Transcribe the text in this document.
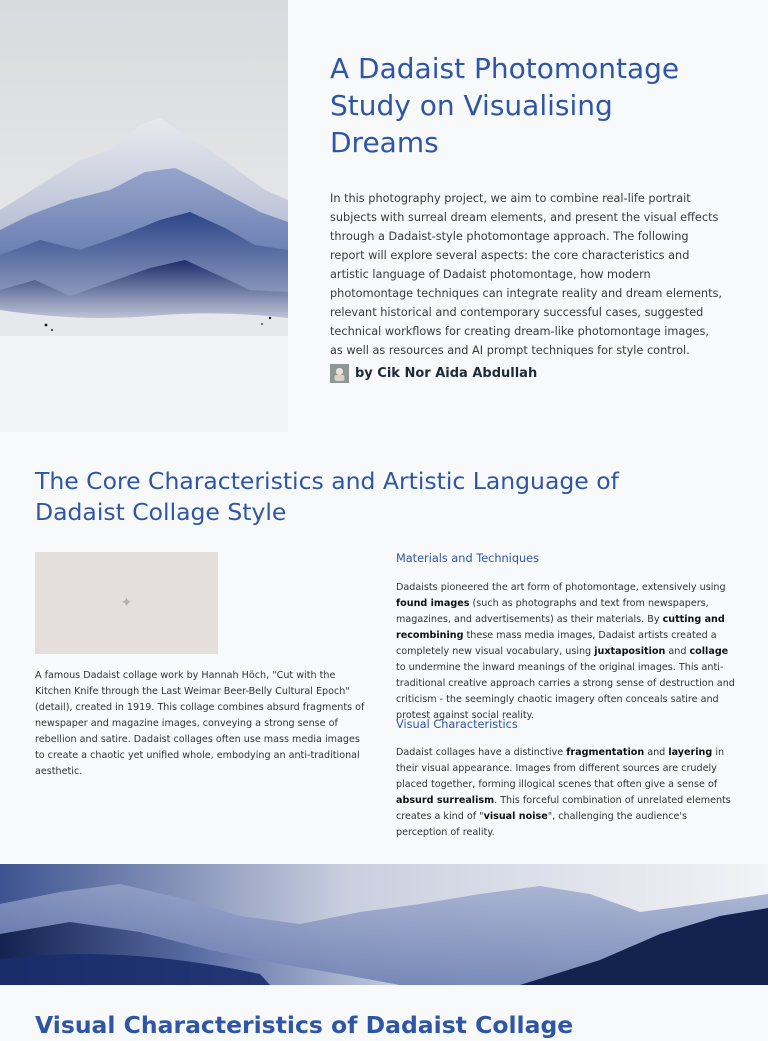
A Dadaist Photomontage Study on Visualising Dreams

In this photography project, we aim to combine real-life portrait subjects with surreal dream elements, and present the visual effects through a Dadaist-style photomontage approach. The following report will explore several aspects: the core characteristics and artistic language of Dadaist photomontage, how modern photomontage techniques can integrate reality and dream elements, relevant historical and contemporary successful cases, suggested technical workflows for creating dream-like photomontage images, as well as resources and AI prompt techniques for style control.

by Cik Nor Aida Abdullah
The Core Characteristics and Artistic Language of Dadaist Collage Style
✦

A famous Dadaist collage work by Hannah Höch, "Cut with the Kitchen Knife through the Last Weimar Beer-Belly Cultural Epoch" (detail), created in 1919. This collage combines absurd fragments of newspaper and magazine images, conveying a strong sense of rebellion and satire. Dadaist collages often use mass media images to create a chaotic yet unified whole, embodying an anti-traditional aesthetic.

Materials and Techniques

Dadaists pioneered the art form of photomontage, extensively using found images (such as photographs and text from newspapers, magazines, and advertisements) as their materials. By cutting and recombining these mass media images, Dadaist artists created a completely new visual vocabulary, using juxtaposition and collage to undermine the inward meanings of the original images. This anti-traditional creative approach carries a strong sense of destruction and criticism - the seemingly chaotic imagery often conceals satire and protest against social reality.

Visual Characteristics

Dadaist collages have a distinctive fragmentation and layering in their visual appearance. Images from different sources are crudely placed together, forming illogical scenes that often give a sense of absurd surrealism. This forceful combination of unrelated elements creates a kind of "visual noise", challenging the audience's perception of reality.

Visual Characteristics of Dadaist Collage
